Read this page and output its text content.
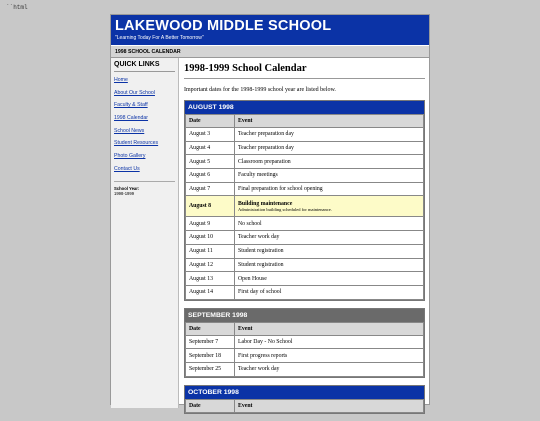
``html
LAKEWOOD MIDDLE SCHOOL
"Learning Today For A Better Tomorrow"
1998 SCHOOL CALENDAR
QUICK LINKS
Home
About Our School
Faculty & Staff
1998 Calendar
School News
Student Resources
Photo Gallery
Contact Us
School Year:
1998-1999
1998-1999 School Calendar
Important dates for the 1998-1999 school year are listed below.
AUGUST 1998
Date	Event
August 3	Teacher preparation day
August 4	Teacher preparation day
August 5	Classroom preparation
August 6	Faculty meetings
August 7	Final preparation for school opening
August 8	Building maintenance
Administration building scheduled for maintenance.

August 9	No school
August 10	Teacher work day
August 11	Student registration
August 12	Student registration
August 13	Open House
August 14	First day of school
SEPTEMBER 1998
Date	Event
September 7	Labor Day - No School
September 18	First progress reports
September 25	Teacher work day
OCTOBER 1998
Date	Event
